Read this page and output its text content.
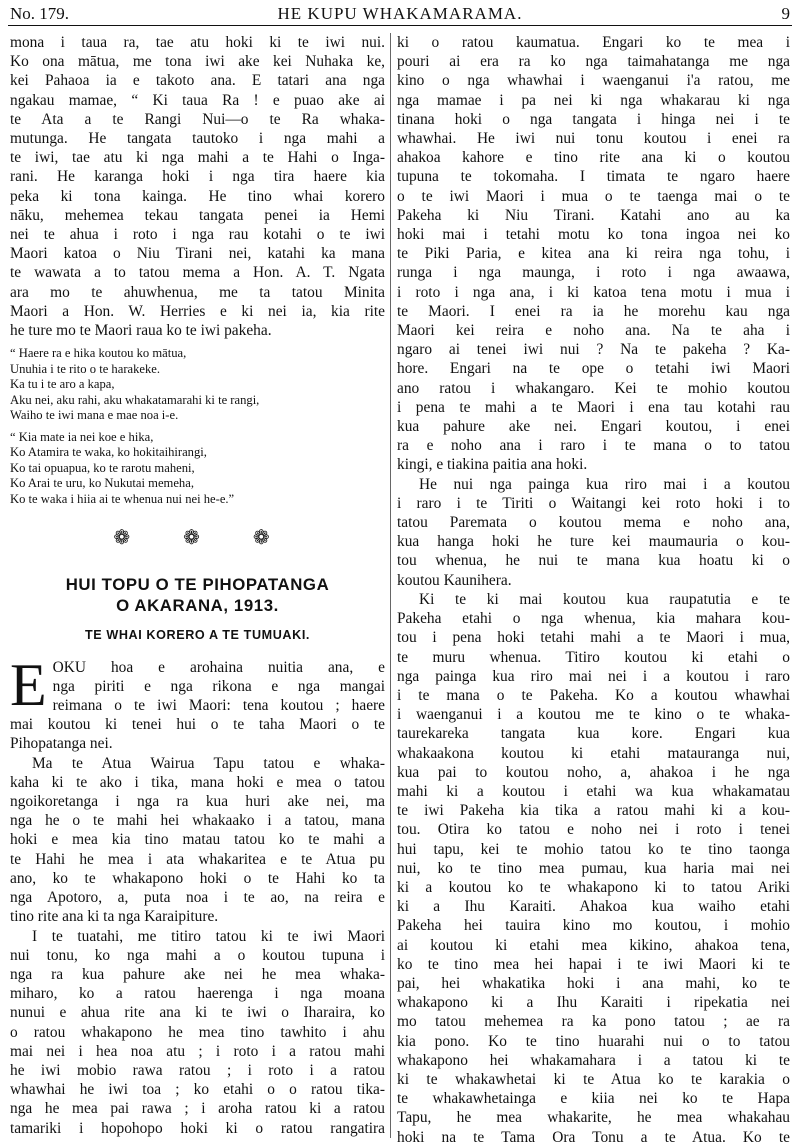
No. 179.	HE KUPU WHAKAMARAMA.	9

mona i taua ra, tae atu hoki ki te iwi nui.
Ko ona mātua, me tona iwi ake kei Nuhaka ke,
kei Pahaoa ia e takoto ana. E tatari ana nga
ngakau mamae, “ Ki taua Ra ! e puao ake ai
te Ata a te Rangi Nui—o te Ra whaka-
mutunga. He tangata tautoko i nga mahi a
te iwi, tae atu ki nga mahi a te Hahi o Inga-
rani. He karanga hoki i nga tira haere kia
peka ki tona kainga. He tino whai korero
nāku, mehemea tekau tangata penei ia Hemi
nei te ahua i roto i nga rau kotahi o te iwi
Maori katoa o Niu Tirani nei, katahi ka mana
te wawata a to tatou mema a Hon. A. T. Ngata
ara mo te ahuwhenua, me ta tatou Minita
Maori a Hon. W. Herries e ki nei ia, kia rite
he ture mo te Maori raua ko te iwi pakeha.

“ Haere ra e hika koutou ko mātua,
Unuhia i te rito o te harakeke.
Ka tu i te aro a kapa,
Aku nei, aku rahi, aku whakatamarahi ki te rangi,
Waiho te iwi mana e mae noa i-e.
“ Kia mate ia nei koe e hika,
Ko Atamira te waka, ko hokitaihirangi,
Ko tai opuapua, ko te rarotu maheni,
Ko Arai te uru, ko Nukutai memeha,
Ko te waka i hiia ai te whenua nui nei he-e.”
❁ ❁ ❁
HUI TOPU O TE PIHOPATANGA
O AKARANA, 1913.
TE WHAI KORERO A TE TUMUAKI.
E OKU hoa e arohaina nuitia ana, e
nga piriti e nga rikona e nga mangai
reimana o te iwi Maori: tena koutou ; haere
mai koutou ki tenei hui o te taha Maori o te
Pihopatanga nei.

Ma te Atua Wairua Tapu tatou e whaka-
kaha ki te ako i tika, mana hoki e mea o tatou
ngoikoretanga i nga ra kua huri ake nei, ma
nga he o te mahi hei whakaako i a tatou, mana
hoki e mea kia tino matau tatou ko te mahi a
te Hahi he mea i ata whakaritea e te Atua pu
ano, ko te whakapono hoki o te Hahi ko ta
nga Apotoro, a, puta noa i te ao, na reira e
tino rite ana ki ta nga Karaipiture.

I te tuatahi, me titiro tatou ki te iwi Maori
nui tonu, ko nga mahi a o koutou tupuna i
nga ra kua pahure ake nei he mea whaka-
miharo, ko a ratou haerenga i nga moana
nunui e ahua rite ana ki te iwi o Iharaira, ko
o ratou whakapono he mea tino tawhito i ahu
mai nei i hea noa atu ; i roto i a ratou mahi
he iwi mobio rawa ratou ; i roto i a ratou
whawhai he iwi toa ; ko etahi o o ratou tika-
nga he mea pai rawa ; i aroha ratou ki a ratou
tamariki i hopohopo hoki ki o ratou rangatira

ki o ratou kaumatua. Engari ko te mea i
pouri ai era ra ko nga taimahatanga me nga
kino o nga whawhai i waenganui i'a ratou, me
nga mamae i pa nei ki nga whakarau ki nga
tinana hoki o nga tangata i hinga nei i te
whawhai. He iwi nui tonu koutou i enei ra
ahakoa kahore e tino rite ana ki o koutou
tupuna te tokomaha. I timata te ngaro haere
o te iwi Maori i mua o te taenga mai o te
Pakeha ki Niu Tirani. Katahi ano au ka
hoki mai i tetahi motu ko tona ingoa nei ko
te Piki Paria, e kitea ana ki reira nga tohu, i
runga i nga maunga, i roto i nga awaawa,
i roto i nga ana, i ki katoa tena motu i mua i
te Maori. I enei ra ia he morehu kau nga
Maori kei reira e noho ana. Na te aha i
ngaro ai tenei iwi nui ? Na te pakeha ? Ka-
hore. Engari na te ope o tetahi iwi Maori
ano ratou i whakangaro. Kei te mohio koutou
i pena te mahi a te Maori i ena tau kotahi rau
kua pahure ake nei. Engari koutou, i enei
ra e noho ana i raro i te mana o to tatou
kingi, e tiakina paitia ana hoki.

He nui nga painga kua riro mai i a koutou
i raro i te Tiriti o Waitangi kei roto hoki i to
tatou Paremata o koutou mema e noho ana,
kua hanga hoki he ture kei maumauria o kou-
tou whenua, he nui te mana kua hoatu ki o
koutou Kaunihera.

Ki te ki mai koutou kua raupatutia e te
Pakeha etahi o nga whenua, kia mahara kou-
tou i pena hoki tetahi mahi a te Maori i mua,
te muru whenua. Titiro koutou ki etahi o
nga painga kua riro mai nei i a koutou i raro
i te mana o te Pakeha. Ko a koutou whawhai
i waenganui i a koutou me te kino o te whaka-
taurekareka tangata kua kore. Engari kua
whakaakona koutou ki etahi matauranga nui,
kua pai to koutou noho, a, ahakoa i he nga
mahi ki a koutou i etahi wa kua whakamatau
te iwi Pakeha kia tika a ratou mahi ki a kou-
tou. Otira ko tatou e noho nei i roto i tenei
hui tapu, kei te mohio tatou ko te tino taonga
nui, ko te tino mea pumau, kua haria mai nei
ki a koutou ko te whakapono ki to tatou Ariki
ki a Ihu Karaiti. Ahakoa kua waiho etahi
Pakeha hei tauira kino mo koutou, i mohio
ai koutou ki etahi mea kikino, ahakoa tena,
ko te tino mea hei hapai i te iwi Maori ki te
pai, hei whakatika hoki i ana mahi, ko te
whakapono ki a Ihu Karaiti i ripekatia nei
mo tatou mehemea ra ka pono tatou ; ae ra
kia pono. Ko te tino huarahi nui o to tatou
whakapono hei whakamahara i a tatou ki te
ki te whakawhetai ki te Atua ko te karakia o
te whakawhetainga e kiia nei ko te Hapa
Tapu, he mea whakarite, he mea whakahau
hoki na te Tama Ora Tonu a te Atua. Ko te
